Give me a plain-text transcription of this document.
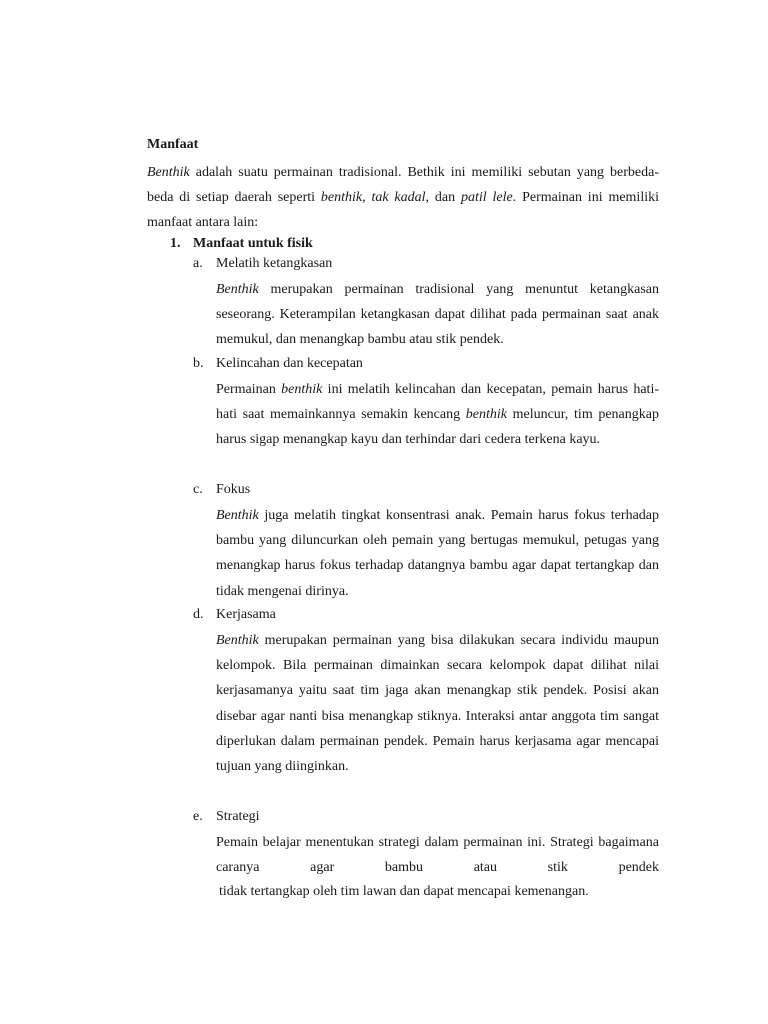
Manfaat
Benthik adalah suatu permainan tradisional. Bethik ini memiliki sebutan yang berbeda-beda di setiap daerah seperti benthik, tak kadal, dan patil lele. Permainan ini memiliki manfaat antara lain:
1. Manfaat untuk fisik
a. Melatih ketangkasan
Benthik merupakan permainan tradisional yang menuntut ketangkasan seseorang. Keterampilan ketangkasan dapat dilihat pada permainan saat anak memukul, dan menangkap bambu atau stik pendek.
b. Kelincahan dan kecepatan
Permainan benthik ini melatih kelincahan dan kecepatan, pemain harus hati-hati saat memainkannya semakin kencang benthik meluncur, tim penangkap harus sigap menangkap kayu dan terhindar dari cedera terkena kayu.
c. Fokus
Benthik juga melatih tingkat konsentrasi anak. Pemain harus fokus terhadap bambu yang diluncurkan oleh pemain yang bertugas memukul, petugas yang menangkap harus fokus terhadap datangnya bambu agar dapat tertangkap dan tidak mengenai dirinya.
d. Kerjasama
Benthik merupakan permainan yang bisa dilakukan secara individu maupun kelompok. Bila permainan dimainkan secara kelompok dapat dilihat nilai kerjasamanya yaitu saat tim jaga akan menangkap stik pendek. Posisi akan disebar agar nanti bisa menangkap stiknya. Interaksi antar anggota tim sangat diperlukan dalam permainan pendek. Pemain harus kerjasama agar mencapai tujuan yang diinginkan.
e. Strategi
Pemain belajar menentukan strategi dalam permainan ini. Strategi bagaimana caranya agar bambu atau stik pendek
tidak tertangkap oleh tim lawan dan dapat mencapai kemenangan.
